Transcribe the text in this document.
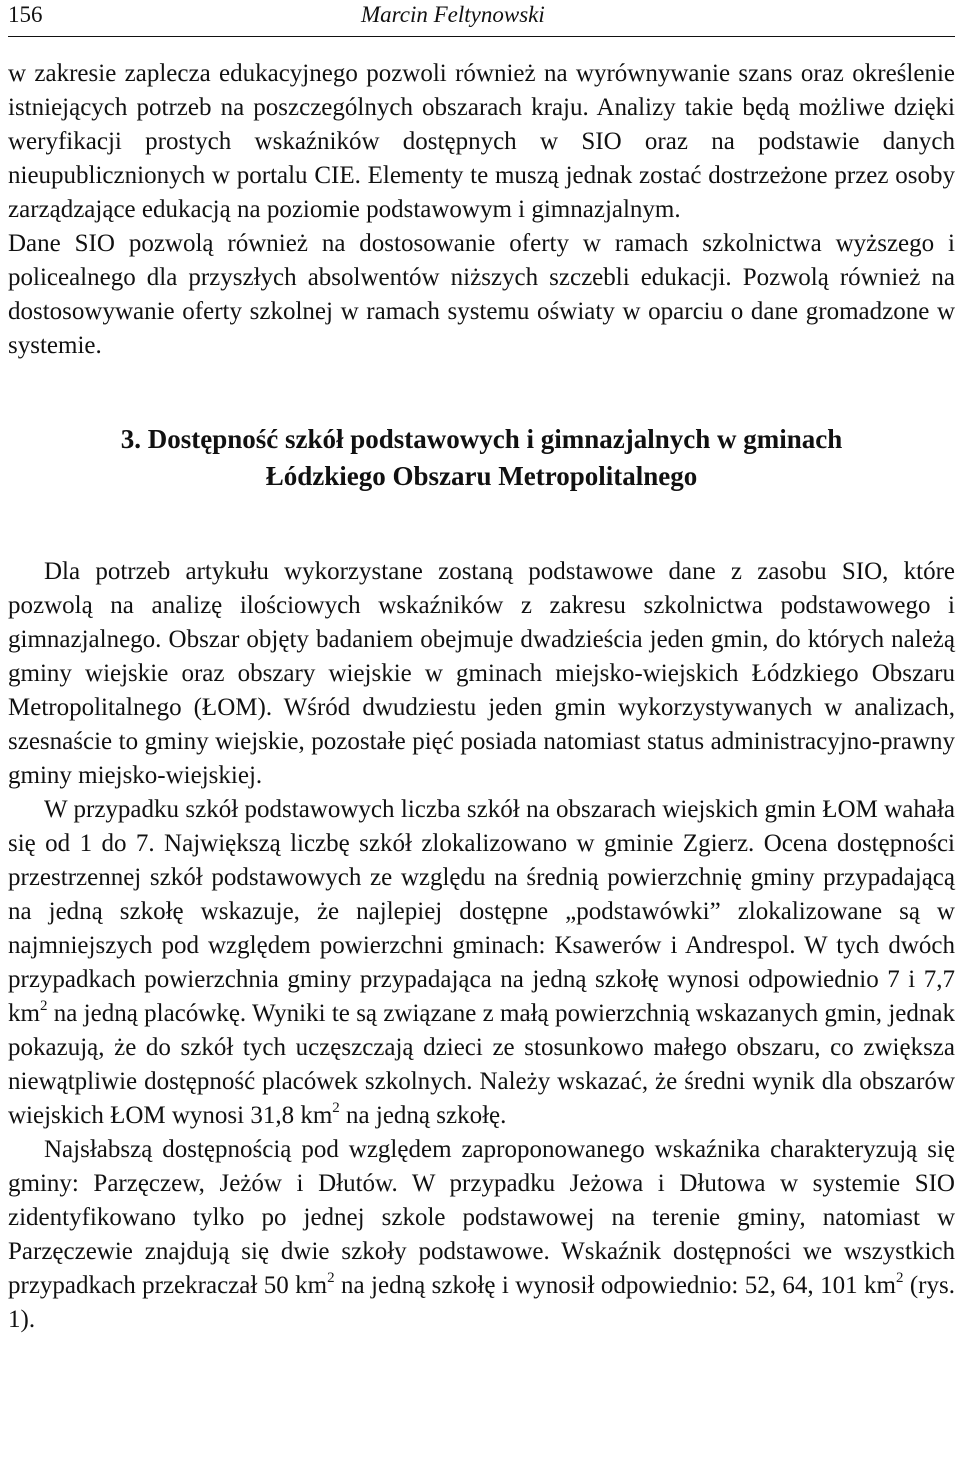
156	Marcin Feltynowski

w zakresie zaplecza edukacyjnego pozwoli również na wyrównywanie szans oraz określenie istniejących potrzeb na poszczególnych obszarach kraju. Analizy takie będą możliwe dzięki weryfikacji prostych wskaźników dostępnych w SIO oraz na podstawie danych nieupublicznionych w portalu CIE. Elementy te muszą jednak zostać dostrzeżone przez osoby zarządzające edukacją na poziomie podstawowym i gimnazjalnym.

Dane SIO pozwolą również na dostosowanie oferty w ramach szkolnictwa wyższego i policealnego dla przyszłych absolwentów niższych szczebli edukacji. Pozwolą również na dostosowywanie oferty szkolnej w ramach systemu oświaty w oparciu o dane gromadzone w systemie.

3. Dostępność szkół podstawowych i gimnazjalnych w gminach
Łódzkiego Obszaru Metropolitalnego

Dla potrzeb artykułu wykorzystane zostaną podstawowe dane z zasobu SIO, które pozwolą na analizę ilościowych wskaźników z zakresu szkolnictwa podstawowego i gimnazjalnego. Obszar objęty badaniem obejmuje dwadzieścia jeden gmin, do których należą gminy wiejskie oraz obszary wiejskie w gminach miejsko-wiejskich Łódzkiego Obszaru Metropolitalnego (ŁOM). Wśród dwudziestu jeden gmin wykorzystywanych w analizach, szesnaście to gminy wiejskie, pozostałe pięć posiada natomiast status administracyjno-prawny gminy miejsko-wiejskiej.

W przypadku szkół podstawowych liczba szkół na obszarach wiejskich gmin ŁOM wahała się od 1 do 7. Największą liczbę szkół zlokalizowano w gminie Zgierz. Ocena dostępności przestrzennej szkół podstawowych ze względu na średnią powierzchnię gminy przypadającą na jedną szkołę wskazuje, że najlepiej dostępne „podstawówki” zlokalizowane są w najmniejszych pod względem powierzchni gminach: Ksawerów i Andrespol. W tych dwóch przypadkach powierzchnia gminy przypadająca na jedną szkołę wynosi odpowiednio 7 i 7,7 $km^2$ na jedną placówkę. Wyniki te są związane z małą powierzchnią wskazanych gmin, jednak pokazują, że do szkół tych uczęszczają dzieci ze stosunkowo małego obszaru, co zwiększa niewątpliwie dostępność placówek szkolnych. Należy wskazać, że średni wynik dla obszarów wiejskich ŁOM wynosi 31,8 $km^2$ na jedną szkołę.

Najsłabszą dostępnością pod względem zaproponowanego wskaźnika charakteryzują się gminy: Parzęczew, Jeżów i Dłutów. W przypadku Jeżowa i Dłutowa w systemie SIO zidentyfikowano tylko po jednej szkole podstawowej na terenie gminy, natomiast w Parzęczewie znajdują się dwie szkoły podstawowe. Wskaźnik dostępności we wszystkich przypadkach przekraczał 50 $km^2$ na jedną szkołę i wynosił odpowiednio: 52, 64, 101 $km^2$ (rys. 1).
